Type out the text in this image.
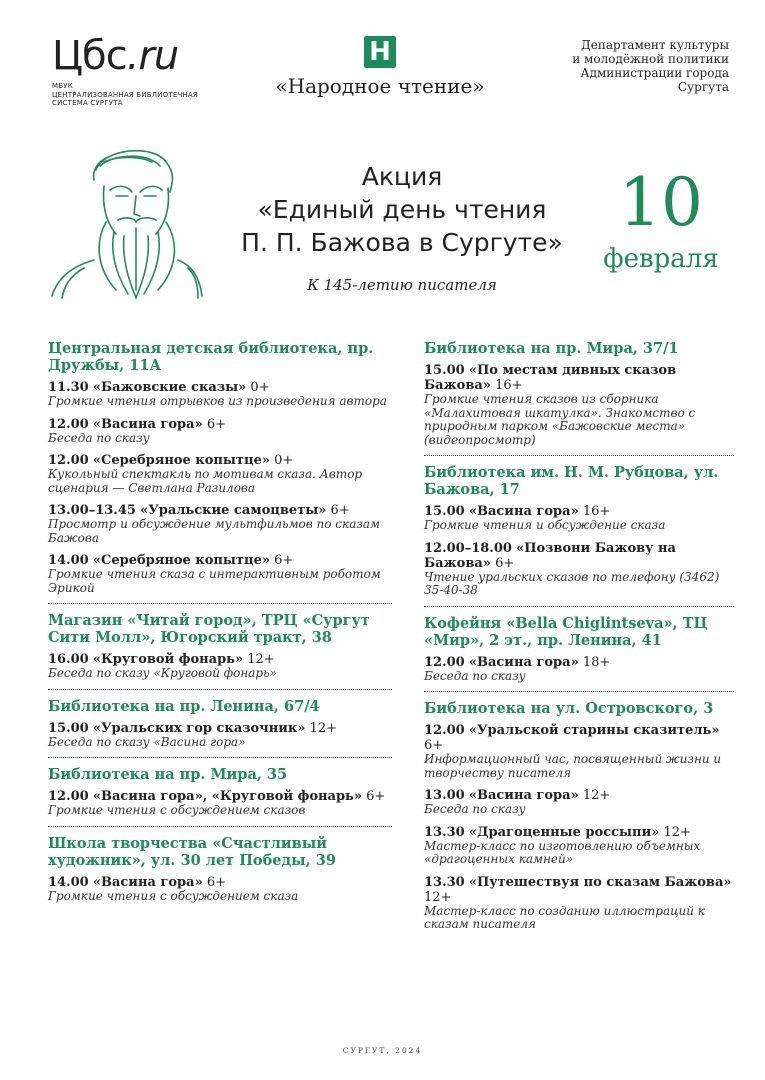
Цбс.ru
МБУК
ЦЕНТРАЛИЗОВАННАЯ БИБЛИОТЕЧНАЯ
СИСТЕМА СУРГУТА
Н
«Народное чтение»
Департамент культуры
и молодёжной политики
Администрации города Сургута
Акция
«Единый день чтения
П. П. Бажова в Сургуте»
К 145-летию писателя
10
февраля
Центральная детская библиотека, пр. Дружбы, 11А
11.30 «Бажовские сказы» 0+
Громкие чтения отрывков из произведения автора
12.00 «Васина гора» 6+
Беседа по сказу
12.00 «Серебряное копытце» 0+
Кукольный спектакль по мотивам сказа. Автор сценария — Светлана Разилова
13.00–13.45 «Уральские самоцветы» 6+
Просмотр и обсуждение мультфильмов по сказам Бажова
14.00 «Серебряное копытце» 6+
Громкие чтения сказа с интерактивным роботом Эрикой
Магазин «Читай город», ТРЦ «Сургут Сити Молл», Югорский тракт, 38
16.00 «Круговой фонарь» 12+
Беседа по сказу «Круговой фонарь»
Библиотека на пр. Ленина, 67/4
15.00 «Уральских гор сказочник» 12+
Беседа по сказу «Васина гора»
Библиотека на пр. Мира, 35
12.00 «Васина гора», «Круговой фонарь» 6+
Громкие чтения с обсуждением сказов
Школа творчества «Счастливый художник», ул. 30 лет Победы, 39
14.00 «Васина гора» 6+
Громкие чтения с обсуждением сказа
Библиотека на пр. Мира, 37/1
15.00 «По местам дивных сказов Бажова» 16+
Громкие чтения сказов из сборника «Малахитовая шкатулка». Знакомство с природным парком «Бажовские места» (видеопросмотр)
Библиотека им. Н. М. Рубцова, ул. Бажова, 17
15.00 «Васина гора» 16+
Громкие чтения и обсуждение сказа
12.00–18.00 «Позвони Бажову на Бажова» 6+
Чтение уральских сказов по телефону (3462) 35-40-38
Кофейня «Bella Chiglintseva», ТЦ «Мир», 2 эт., пр. Ленина, 41
12.00 «Васина гора» 18+
Беседа по сказу
Библиотека на ул. Островского, 3
12.00 «Уральской старины сказитель» 6+
Информационный час, посвященный жизни и творчеству писателя
13.00 «Васина гора» 12+
Беседа по сказу
13.30 «Драгоценные россыпи» 12+
Мастер-класс по изготовлению объемных «драгоценных камней»
13.30 «Путешествуя по сказам Бажова» 12+
Мастер-класс по созданию иллюстраций к сказам писателя
СУРГУТ, 2024
